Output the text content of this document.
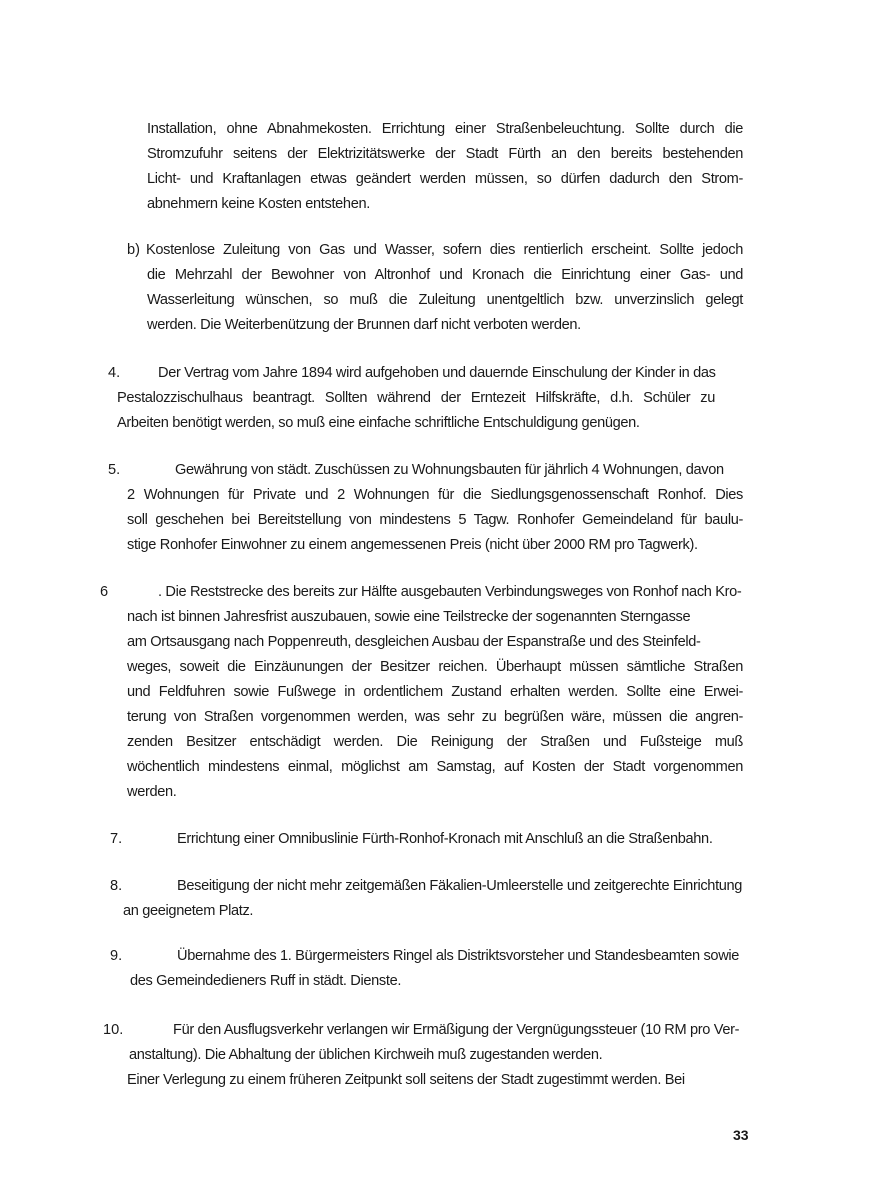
Installation, ohne Abnahmekosten. Errichtung einer Straßenbeleuchtung. Sollte durch die
Stromzufuhr seitens der Elektrizitätswerke der Stadt Fürth an den bereits bestehenden
Licht- und Kraftanlagen etwas geändert werden müssen, so dürfen dadurch den Strom-
abnehmern keine Kosten entstehen.
b) Kostenlose Zuleitung von Gas und Wasser, sofern dies rentierlich erscheint. Sollte jedoch
die Mehrzahl der Bewohner von Altronhof und Kronach die Einrichtung einer Gas- und
Wasserleitung wünschen, so muß die Zuleitung unentgeltlich bzw. unverzinslich gelegt
werden. Die Weiterbenützung der Brunnen darf nicht verboten werden.
4.	Der Vertrag vom Jahre 1894 wird aufgehoben und dauernde Einschulung der Kinder in das
Pestalozzischulhaus beantragt. Sollten während der Erntezeit Hilfskräfte, d.h. Schüler zu
Arbeiten benötigt werden, so muß eine einfache schriftliche Entschuldigung genügen.
5.	Gewährung von städt. Zuschüssen zu Wohnungsbauten für jährlich 4 Wohnungen, davon
2 Wohnungen für Private und 2 Wohnungen für die Siedlungsgenossenschaft Ronhof. Dies
soll geschehen bei Bereitstellung von mindestens 5 Tagw. Ronhofer Gemeindeland für baulu-
stige Ronhofer Einwohner zu einem angemessenen Preis (nicht über 2000 RM pro Tagwerk).
6	. Die Reststrecke des bereits zur Hälfte ausgebauten Verbindungsweges von Ronhof nach Kro-
nach ist binnen Jahresfrist auszubauen, sowie eine Teilstrecke der sogenannten Sterngasse
am Ortsausgang nach Poppenreuth, desgleichen Ausbau der Espanstraße und des Steinfeld-
weges, soweit die Einzäunungen der Besitzer reichen. Überhaupt müssen sämtliche Straßen
und Feldfuhren sowie Fußwege in ordentlichem Zustand erhalten werden. Sollte eine Erwei-
terung von Straßen vorgenommen werden, was sehr zu begrüßen wäre, müssen die angren-
zenden Besitzer entschädigt werden. Die Reinigung der Straßen und Fußsteige muß
wöchentlich mindestens einmal, möglichst am Samstag, auf Kosten der Stadt vorgenommen
werden.
7.	Errichtung einer Omnibuslinie Fürth-Ronhof-Kronach mit Anschluß an die Straßenbahn.
8.	Beseitigung der nicht mehr zeitgemäßen Fäkalien-Umleerstelle und zeitgerechte Einrichtung
an geeignetem Platz.
9.	Übernahme des 1. Bürgermeisters Ringel als Distriktsvorsteher und Standesbeamten sowie
des Gemeindedieners Ruff in städt. Dienste.
10.	Für den Ausflugsverkehr verlangen wir Ermäßigung der Vergnügungssteuer (10 RM pro Ver-
anstaltung). Die Abhaltung der üblichen Kirchweih muß zugestanden werden.
Einer Verlegung zu einem früheren Zeitpunkt soll seitens der Stadt zugestimmt werden. Bei
33
